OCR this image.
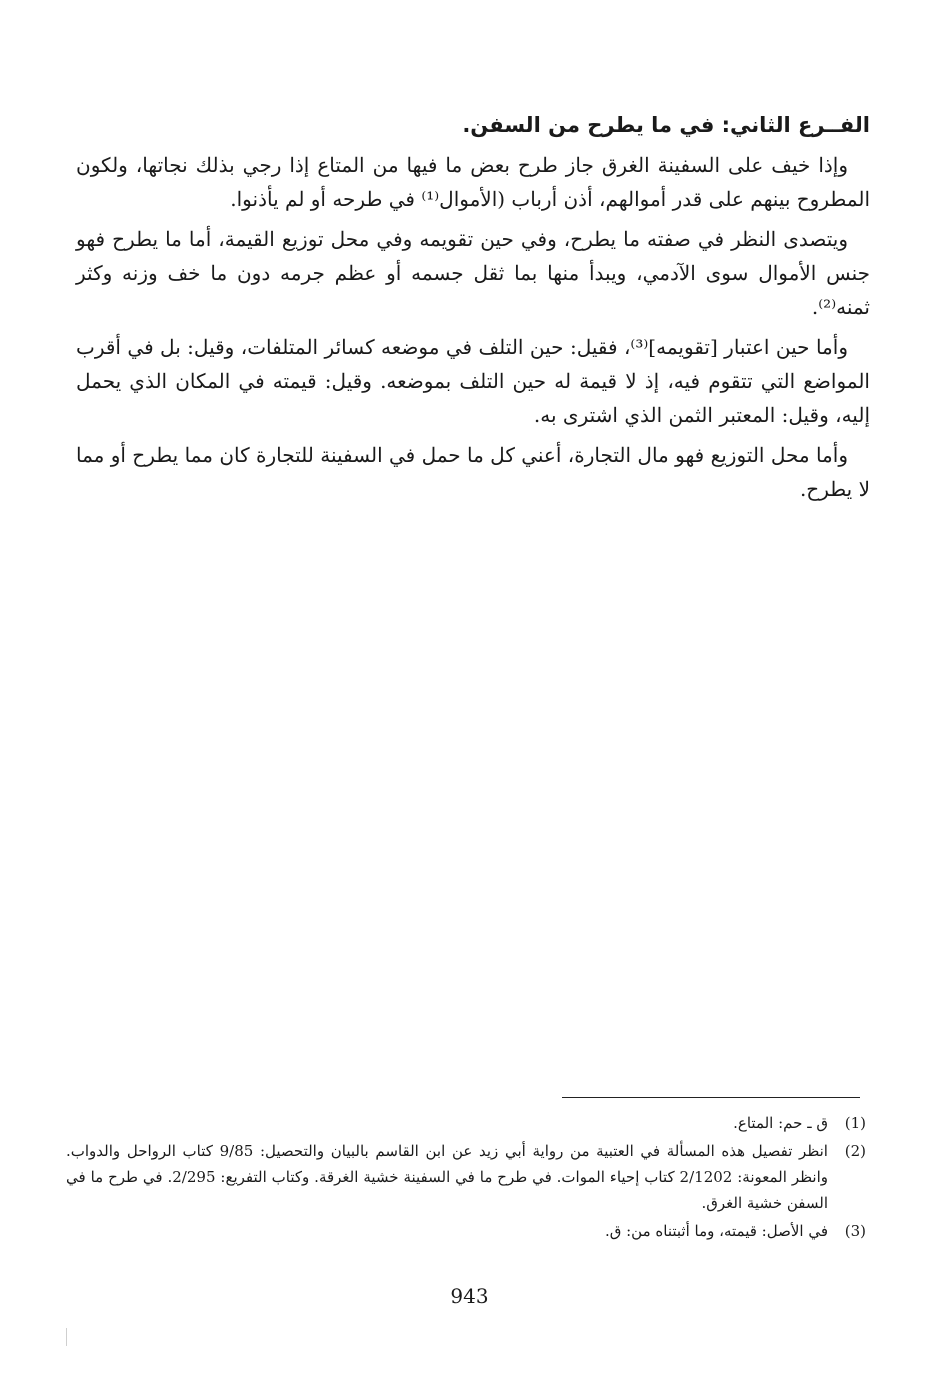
الفــرع الثاني: في ما يطرح من السفن.

وإذا خيف على السفينة الغرق جاز طرح بعض ما فيها من المتاع إذا رجي بذلك نجاتها، ولكون المطروح بينهم على قدر أموالهم، أذن أرباب (الأموال⁽¹⁾ في طرحه أو لم يأذنوا.

ويتصدى النظر في صفته ما يطرح، وفي حين تقويمه وفي محل توزيع القيمة، أما ما يطرح فهو جنس الأموال سوى الآدمي، ويبدأ منها بما ثقل جسمه أو عظم جرمه دون ما خف وزنه وكثر ثمنه⁽²⁾.

وأما حين اعتبار [تقويمه]⁽³⁾، فقيل: حين التلف في موضعه كسائر المتلفات، وقيل: بل في أقرب المواضع التي تتقوم فيه، إذ لا قيمة له حين التلف بموضعه. وقيل: قيمته في المكان الذي يحمل إليه، وقيل: المعتبر الثمن الذي اشترى به.

وأما محل التوزيع فهو مال التجارة، أعني كل ما حمل في السفينة للتجارة كان مما يطرح أو مما لا يطرح.

(1)
ق ـ حم: المتاع.
(2)
انظر تفصيل هذه المسألة في العتبية من رواية أبي زيد عن ابن القاسم بالبيان والتحصيل: 9/85 كتاب الرواحل والدواب. وانظر المعونة: 2/1202 كتاب إحياء الموات. في طرح ما في السفينة خشية الغرقة. وكتاب التفريع: 2/295. في طرح ما في السفن خشية الغرق.
(3)
في الأصل: قيمته، وما أثبتناه من: ق.
943
